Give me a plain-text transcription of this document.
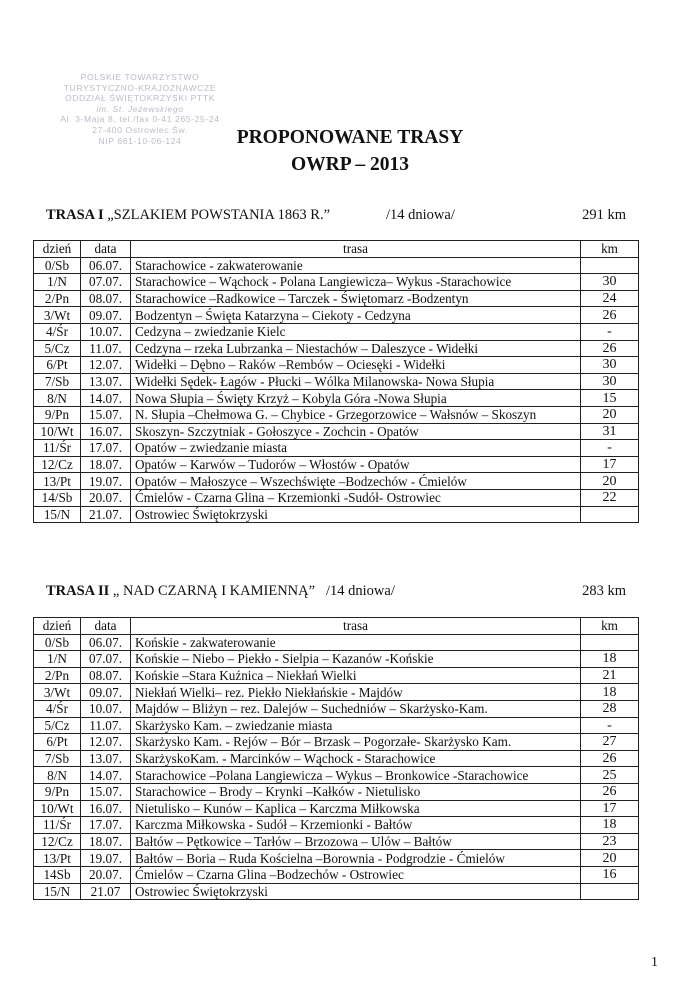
POLSKIE TOWARZYSTWO
TURYSTYCZNO-KRAJOZNAWCZE
ODDZIAŁ ŚWIĘTOKRZYSKI PTTK
im. St. Jeżewskiego
Al. 3-Maja 8, tel./fax 0-41 265-25-24
27-400 Ostrowiec Św.
NIP 661-10-06-124	PROPONOWANE TRASY
OWRP – 2013
TRASA I „SZLAKIEM POWSTANIA 1863 R.”	/14 dniowa/	291 km
dzień	data	trasa	km
0/Sb	06.07.	Starachowice - zakwaterowanie	
1/N	07.07.	Starachowice – Wąchock - Polana Langiewicza– Wykus -Starachowice	30
2/Pn	08.07.	Starachowice –Radkowice – Tarczek - Świętomarz -Bodzentyn	24
3/Wt	09.07.	Bodzentyn – Święta Katarzyna – Ciekoty - Cedzyna	26
4/Śr	10.07.	Cedzyna – zwiedzanie Kielc	-
5/Cz	11.07.	Cedzyna – rzeka Lubrzanka – Niestachów – Daleszyce - Widełki	26
6/Pt	12.07.	Widełki – Dębno – Raków –Rembów – Ociesęki - Widełki	30
7/Sb	13.07.	Widełki Sędek- Łagów - Płucki – Wólka Milanowska- Nowa Słupia	30
8/N	14.07.	Nowa Słupia – Święty Krzyż – Kobyla Góra -Nowa Słupia	15
9/Pn	15.07.	N. Słupia –Chełmowa G. – Chybice - Grzegorzowice – Wałsnów – Skoszyn	20
10/Wt	16.07.	Skoszyn- Szczytniak - Gołoszyce - Zochcin - Opatów	31
11/Śr	17.07.	Opatów – zwiedzanie miasta	-
12/Cz	18.07.	Opatów – Karwów – Tudorów – Włostów - Opatów	17
13/Pt	19.07.	Opatów – Małoszyce – Wszechświęte –Bodzechów - Ćmielów	20
14/Sb	20.07.	Ćmielów - Czarna Glina – Krzemionki -Sudół- Ostrowiec	22
15/N	21.07.	Ostrowiec Świętokrzyski	
TRASA II „ NAD CZARNĄ I KAMIENNĄ” /14 dniowa/	283 km
dzień	data	trasa	km
0/Sb	06.07.	Końskie - zakwaterowanie	
1/N	07.07.	Końskie – Niebo – Piekło - Sielpia – Kazanów -Końskie	18
2/Pn	08.07.	Końskie –Stara Kuźnica – Niekłań Wielki	21
3/Wt	09.07.	Niekłań Wielki– rez. Piekło Niekłańskie - Majdów	18
4/Śr	10.07.	Majdów – Bliżyn – rez. Dalejów – Suchedniów – Skarżysko-Kam.	28
5/Cz	11.07.	Skarżysko Kam. – zwiedzanie miasta	-
6/Pt	12.07.	Skarżysko Kam. - Rejów – Bór – Brzask – Pogorzałe- Skarżysko Kam.	27
7/Sb	13.07.	SkarżyskoKam. - Marcinków – Wąchock - Starachowice	26
8/N	14.07.	Starachowice –Polana Langiewicza – Wykus – Bronkowice -Starachowice	25
9/Pn	15.07.	Starachowice – Brody – Krynki –Kałków - Nietulisko	26
10/Wt	16.07.	Nietulisko – Kunów – Kaplica – Karczma Miłkowska	17
11/Śr	17.07.	Karczma Miłkowska - Sudół – Krzemionki - Bałtów	18
12/Cz	18.07.	Bałtów – Pętkowice – Tarłów – Brzozowa – Ulów – Bałtów	23
13/Pt	19.07.	Bałtów – Boria – Ruda Kościelna –Borownia - Podgrodzie - Ćmielów	20
14Sb	20.07.	Ćmielów – Czarna Glina –Bodzechów - Ostrowiec	16
15/N	21.07	Ostrowiec Świętokrzyski	
1
